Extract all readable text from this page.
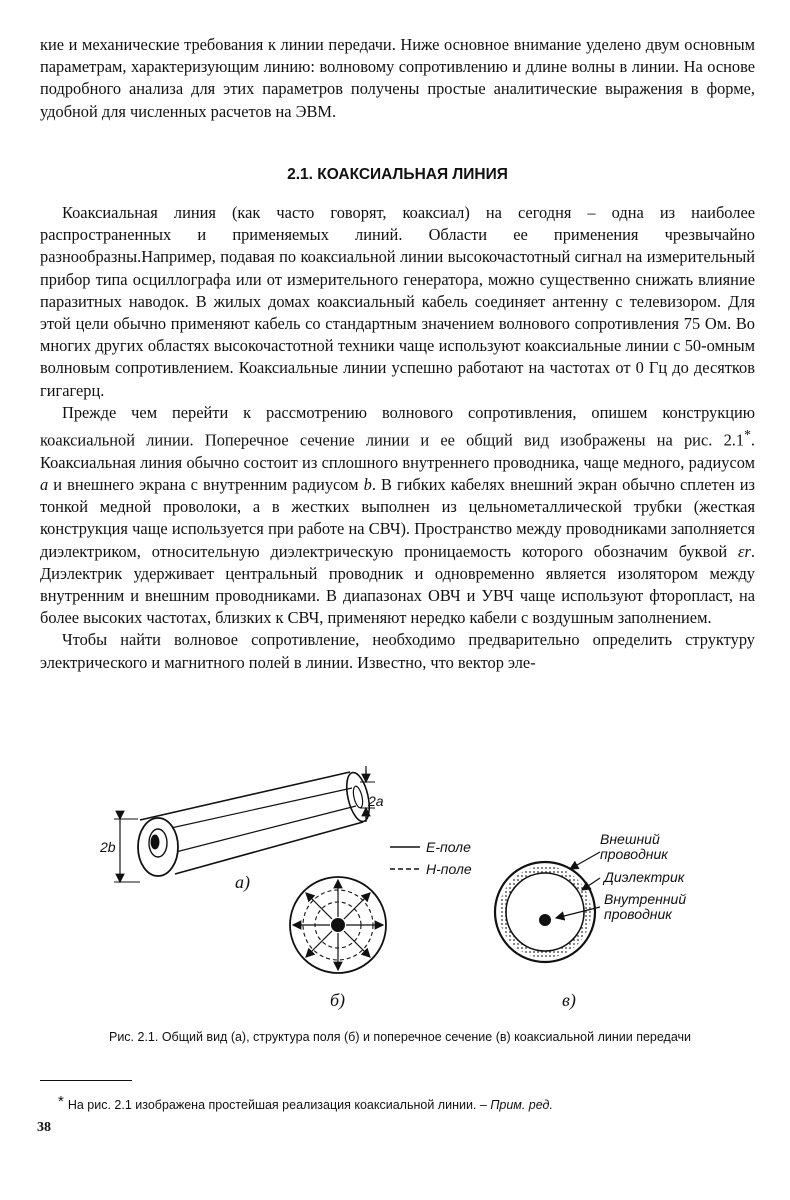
кие и механические требования к линии передачи. Ниже основное внимание уделено двум основным параметрам, характеризующим линию: волновому сопротивлению и длине волны в линии. На основе подробного анализа для этих параметров получены простые аналитические выражения в форме, удобной для численных расчетов на ЭВМ.

2.1. КОАКСИАЛЬНАЯ ЛИНИЯ

Коаксиальная линия (как часто говорят, коаксиал) на сегодня – одна из наиболее распространенных и применяемых линий. Области ее применения чрезвычайно разнообразны.Например, подавая по коаксиальной линии высокочастотный сигнал на измерительный прибор типа осциллографа или от измерительного генератора, можно существенно снижать влияние паразитных наводок. В жилых домах коаксиальный кабель соединяет антенну с телевизором. Для этой цели обычно применяют кабель со стандартным значением волнового сопротивления 75 Ом. Во многих других областях высокочастотной техники чаще используют коаксиальные линии с 50-омным волновым сопротивлением. Коаксиальные линии успешно работают на частотах от 0 Гц до десятков гигагерц.

Прежде чем перейти к рассмотрению волнового сопротивления, опишем конструкцию коаксиальной линии. Поперечное сечение линии и ее общий вид изображены на рис. 2.1*. Коаксиальная линия обычно состоит из сплошного внутреннего проводника, чаще медного, радиусом a и внешнего экрана с внутренним радиусом b. В гибких кабелях внешний экран обычно сплетен из тонкой медной проволоки, а в жестких выполнен из цельнометаллической трубки (жесткая конструкция чаще используется при работе на СВЧ). Пространство между проводниками заполняется диэлектриком, относительную диэлектрическую проницаемость которого обозначим буквой εr. Диэлектрик удерживает центральный проводник и одновременно является изолятором между внутренним и внешним проводниками. В диапазонах ОВЧ и УВЧ чаще используют фторопласт, на более высоких частотах, близких к СВЧ, применяют нередко кабели с воздушным заполнением.

Чтобы найти волновое сопротивление, необходимо предварительно определить структуру электрического и магнитного полей в линии. Известно, что вектор эле-

2b
2a
a)
E-поле
H-поле
б)	в)
Внешний
проводник
Диэлектрик
Внутренний
проводник
Рис. 2.1. Общий вид (а), структура поля (б) и поперечное сечение (в) коаксиальной линии передачи
* На рис. 2.1 изображена простейшая реализация коаксиальной линии. – Прим. ред.
38
